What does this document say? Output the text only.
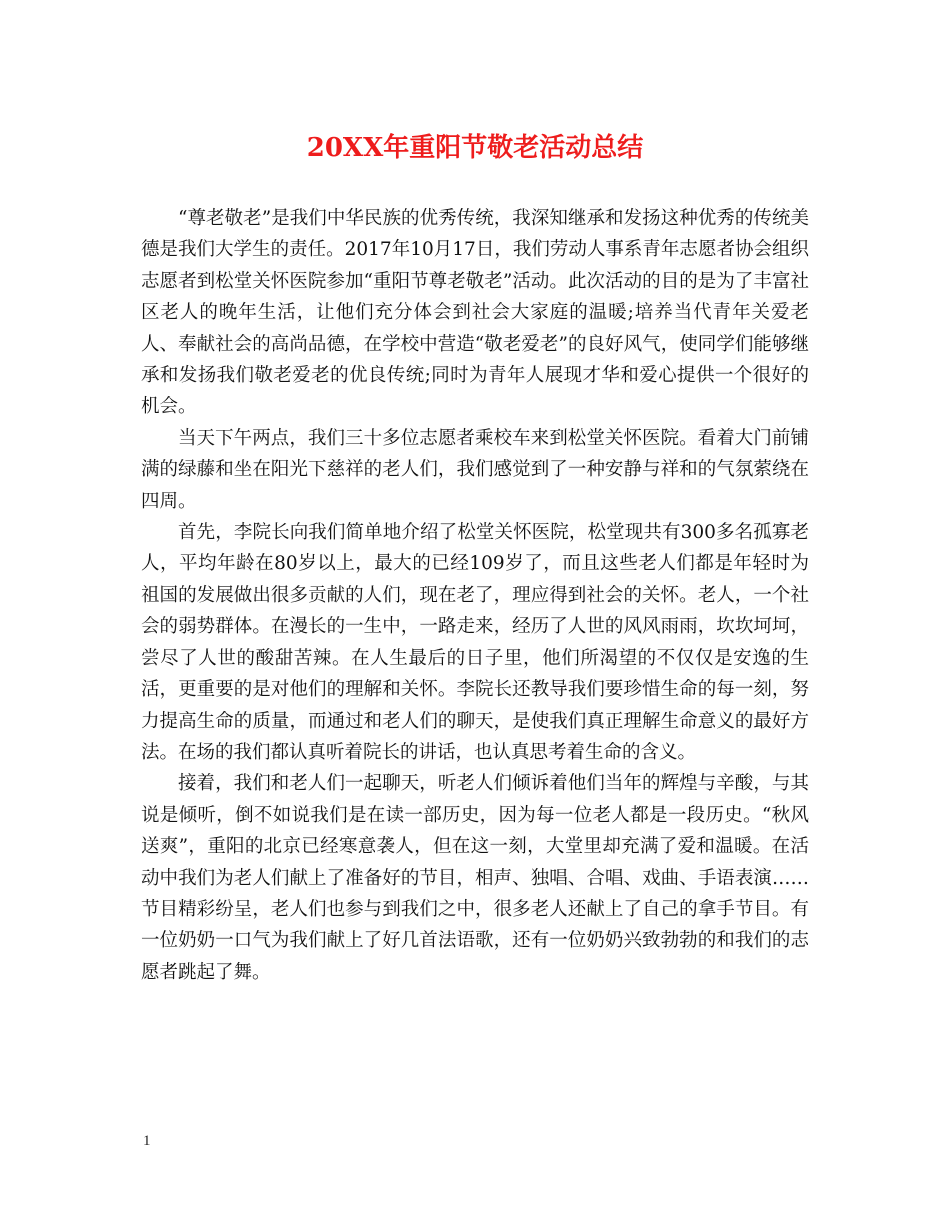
20XX年重阳节敬老活动总结

“尊老敬老”是我们中华民族的优秀传统，我深知继承和发扬这种优秀的传统美德是我们大学生的责任。2017年10月17日，我们劳动人事系青年志愿者协会组织志愿者到松堂关怀医院参加“重阳节尊老敬老”活动。此次活动的目的是为了丰富社区老人的晚年生活，让他们充分体会到社会大家庭的温暖;培养当代青年关爱老人、奉献社会的高尚品德，在学校中营造“敬老爱老”的良好风气，使同学们能够继承和发扬我们敬老爱老的优良传统;同时为青年人展现才华和爱心提供一个很好的机会。

当天下午两点，我们三十多位志愿者乘校车来到松堂关怀医院。看着大门前铺满的绿藤和坐在阳光下慈祥的老人们，我们感觉到了一种安静与祥和的气氛萦绕在四周。

首先，李院长向我们简单地介绍了松堂关怀医院，松堂现共有300多名孤寡老人，平均年龄在80岁以上，最大的已经109岁了，而且这些老人们都是年轻时为祖国的发展做出很多贡献的人们，现在老了，理应得到社会的关怀。老人，一个社会的弱势群体。在漫长的一生中，一路走来，经历了人世的风风雨雨，坎坎坷坷，尝尽了人世的酸甜苦辣。在人生最后的日子里，他们所渴望的不仅仅是安逸的生活，更重要的是对他们的理解和关怀。李院长还教导我们要珍惜生命的每一刻，努力提高生命的质量，而通过和老人们的聊天，是使我们真正理解生命意义的最好方法。在场的我们都认真听着院长的讲话，也认真思考着生命的含义。

接着，我们和老人们一起聊天，听老人们倾诉着他们当年的辉煌与辛酸，与其说是倾听，倒不如说我们是在读一部历史，因为每一位老人都是一段历史。“秋风送爽”，重阳的北京已经寒意袭人，但在这一刻，大堂里却充满了爱和温暖。在活动中我们为老人们献上了准备好的节目，相声、独唱、合唱、戏曲、手语表演……节目精彩纷呈，老人们也参与到我们之中，很多老人还献上了自己的拿手节目。有一位奶奶一口气为我们献上了好几首法语歌，还有一位奶奶兴致勃勃的和我们的志愿者跳起了舞。

1
